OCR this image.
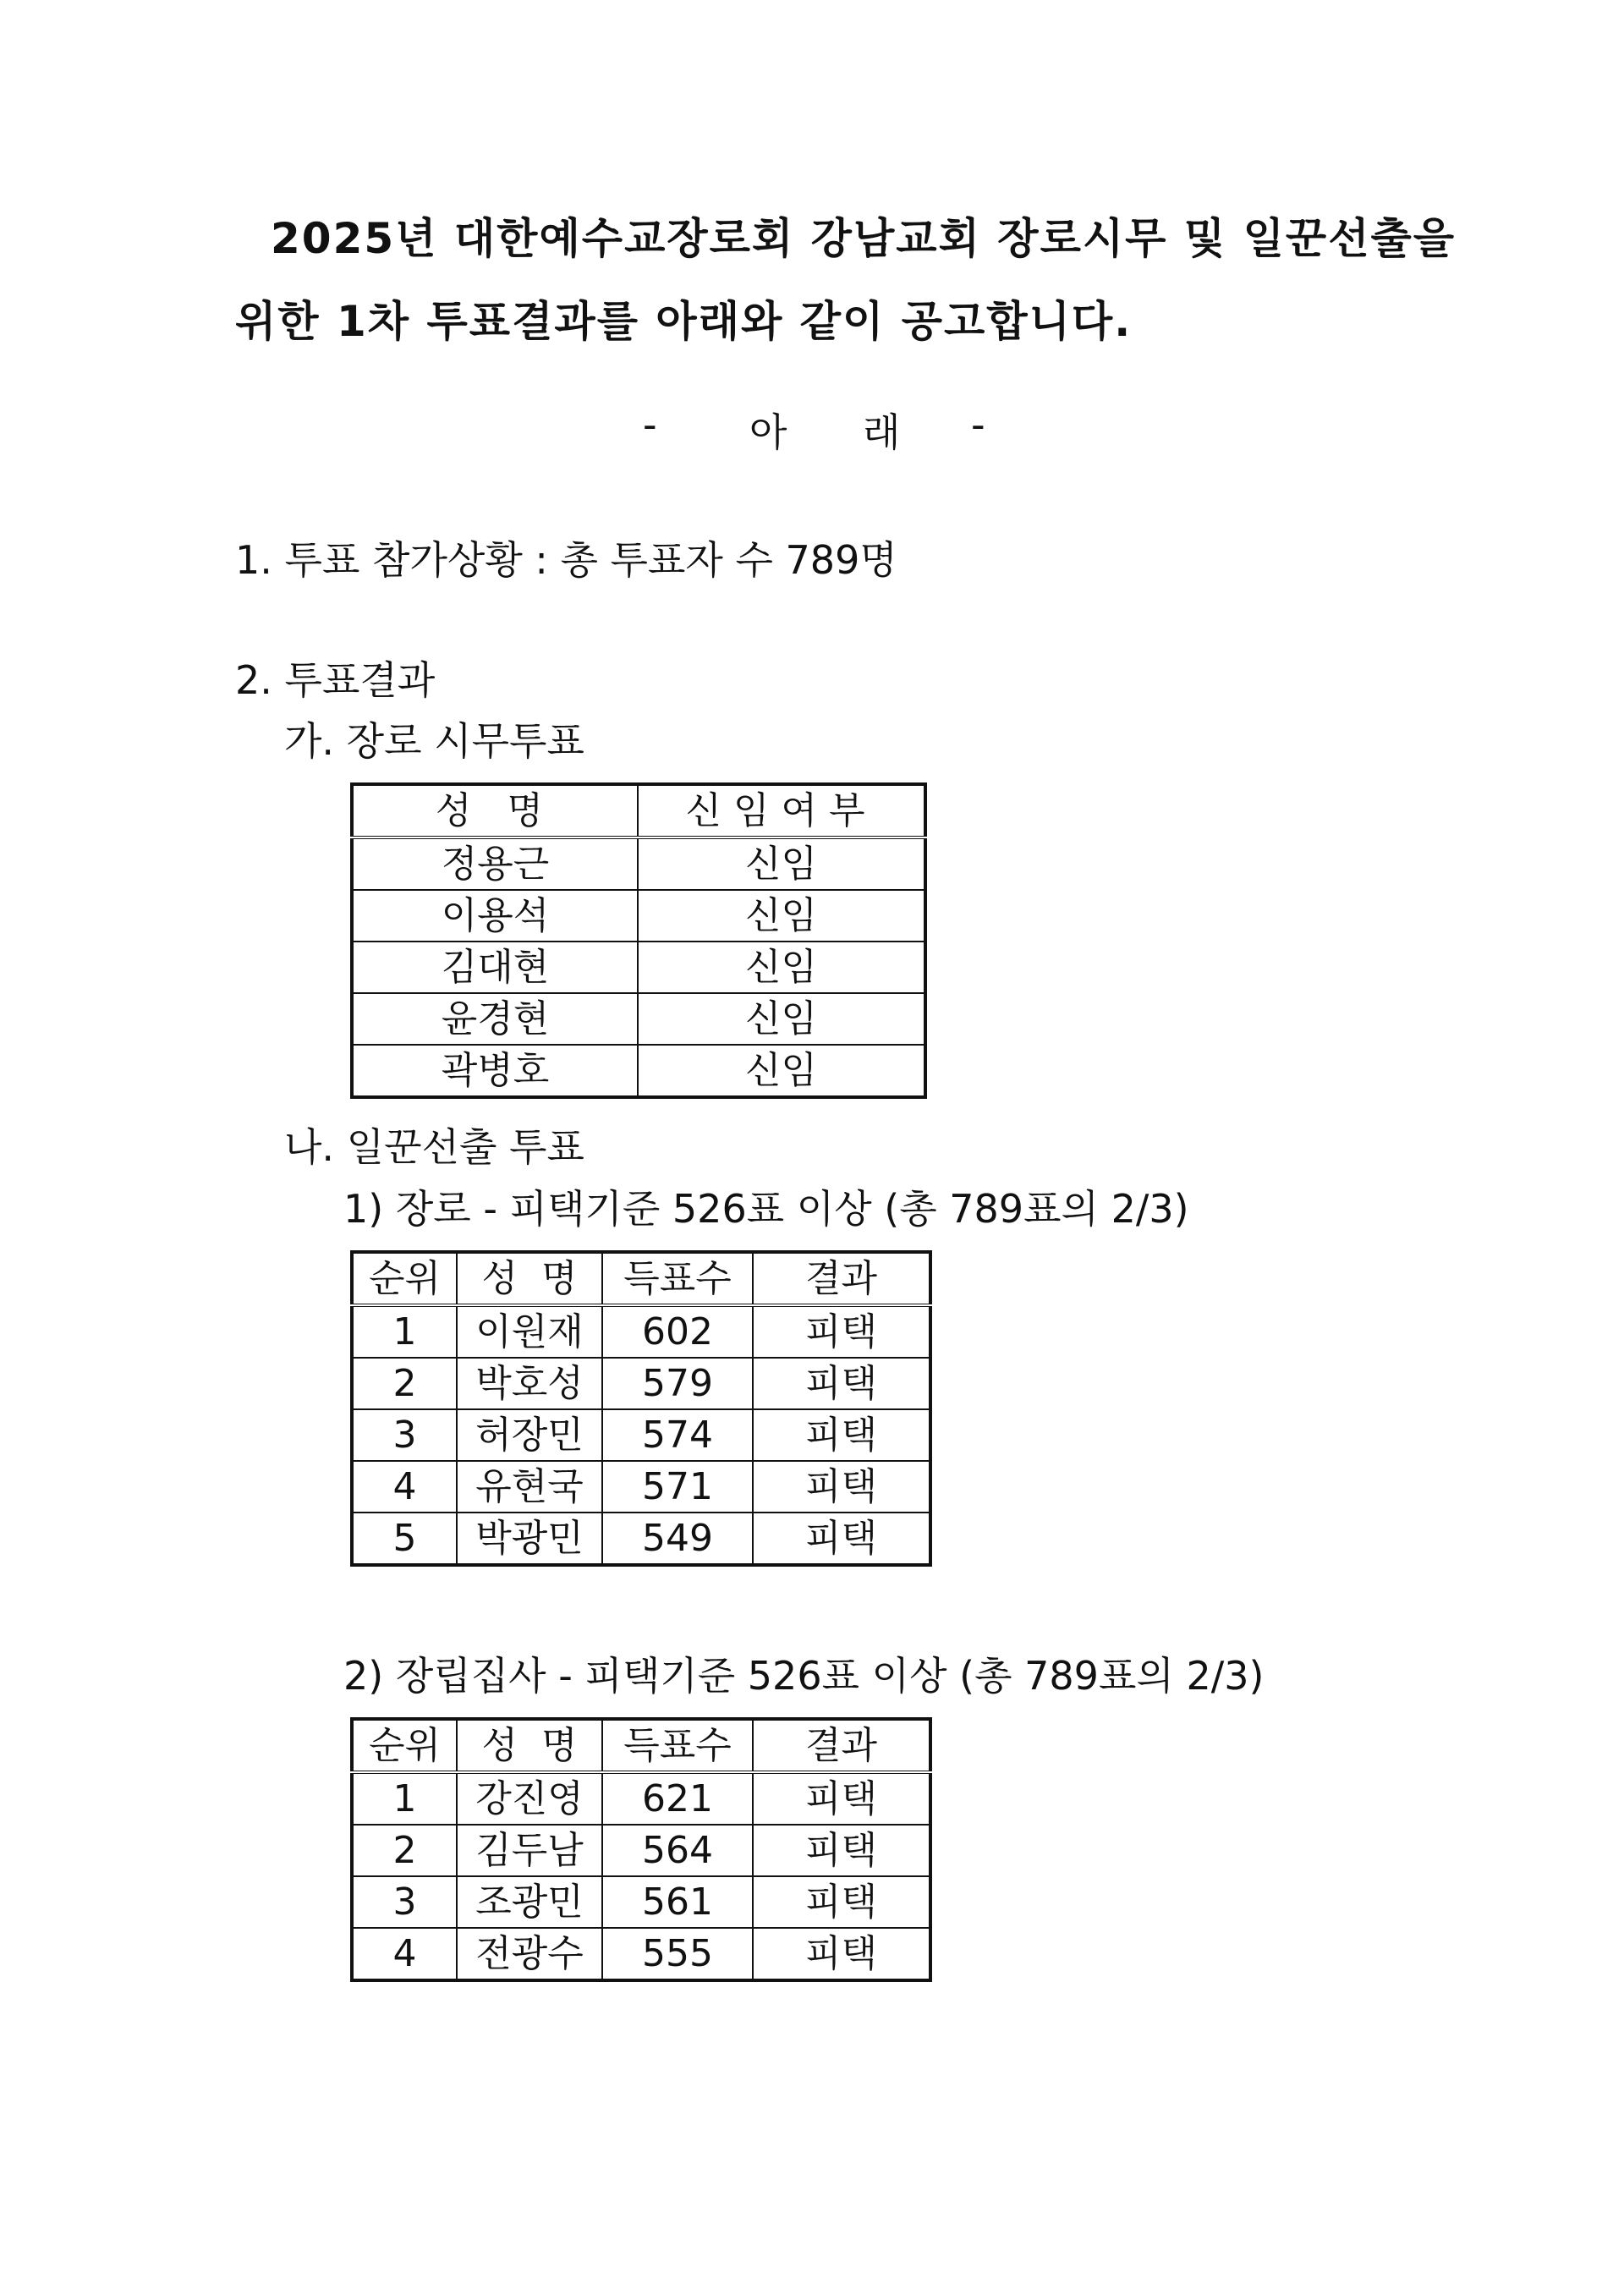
2025년 대한예수교장로회 강남교회 장로시무 및 일꾼선출을
위한 1차 투표결과를 아래와 같이 공고합니다.
- 아 래 -
1. 투표 참가상황 : 총 투표자 수 789명
2. 투표결과
가. 장로 시무투표
성 명	신임여부
정용근	신임
이용석	신임
김대현	신임
윤경현	신임
곽병호	신임
나. 일꾼선출 투표
1) 장로 - 피택기준 526표 이상 (총 789표의 2/3)
순위	성  명	득표수	결과
1	이원재	602	피택
2	박호성	579	피택
3	허장민	574	피택
4	유현국	571	피택
5	박광민	549	피택
2) 장립집사 - 피택기준 526표 이상 (총 789표의 2/3)
순위	성  명	득표수	결과
1	강진영	621	피택
2	김두남	564	피택
3	조광민	561	피택
4	전광수	555	피택
